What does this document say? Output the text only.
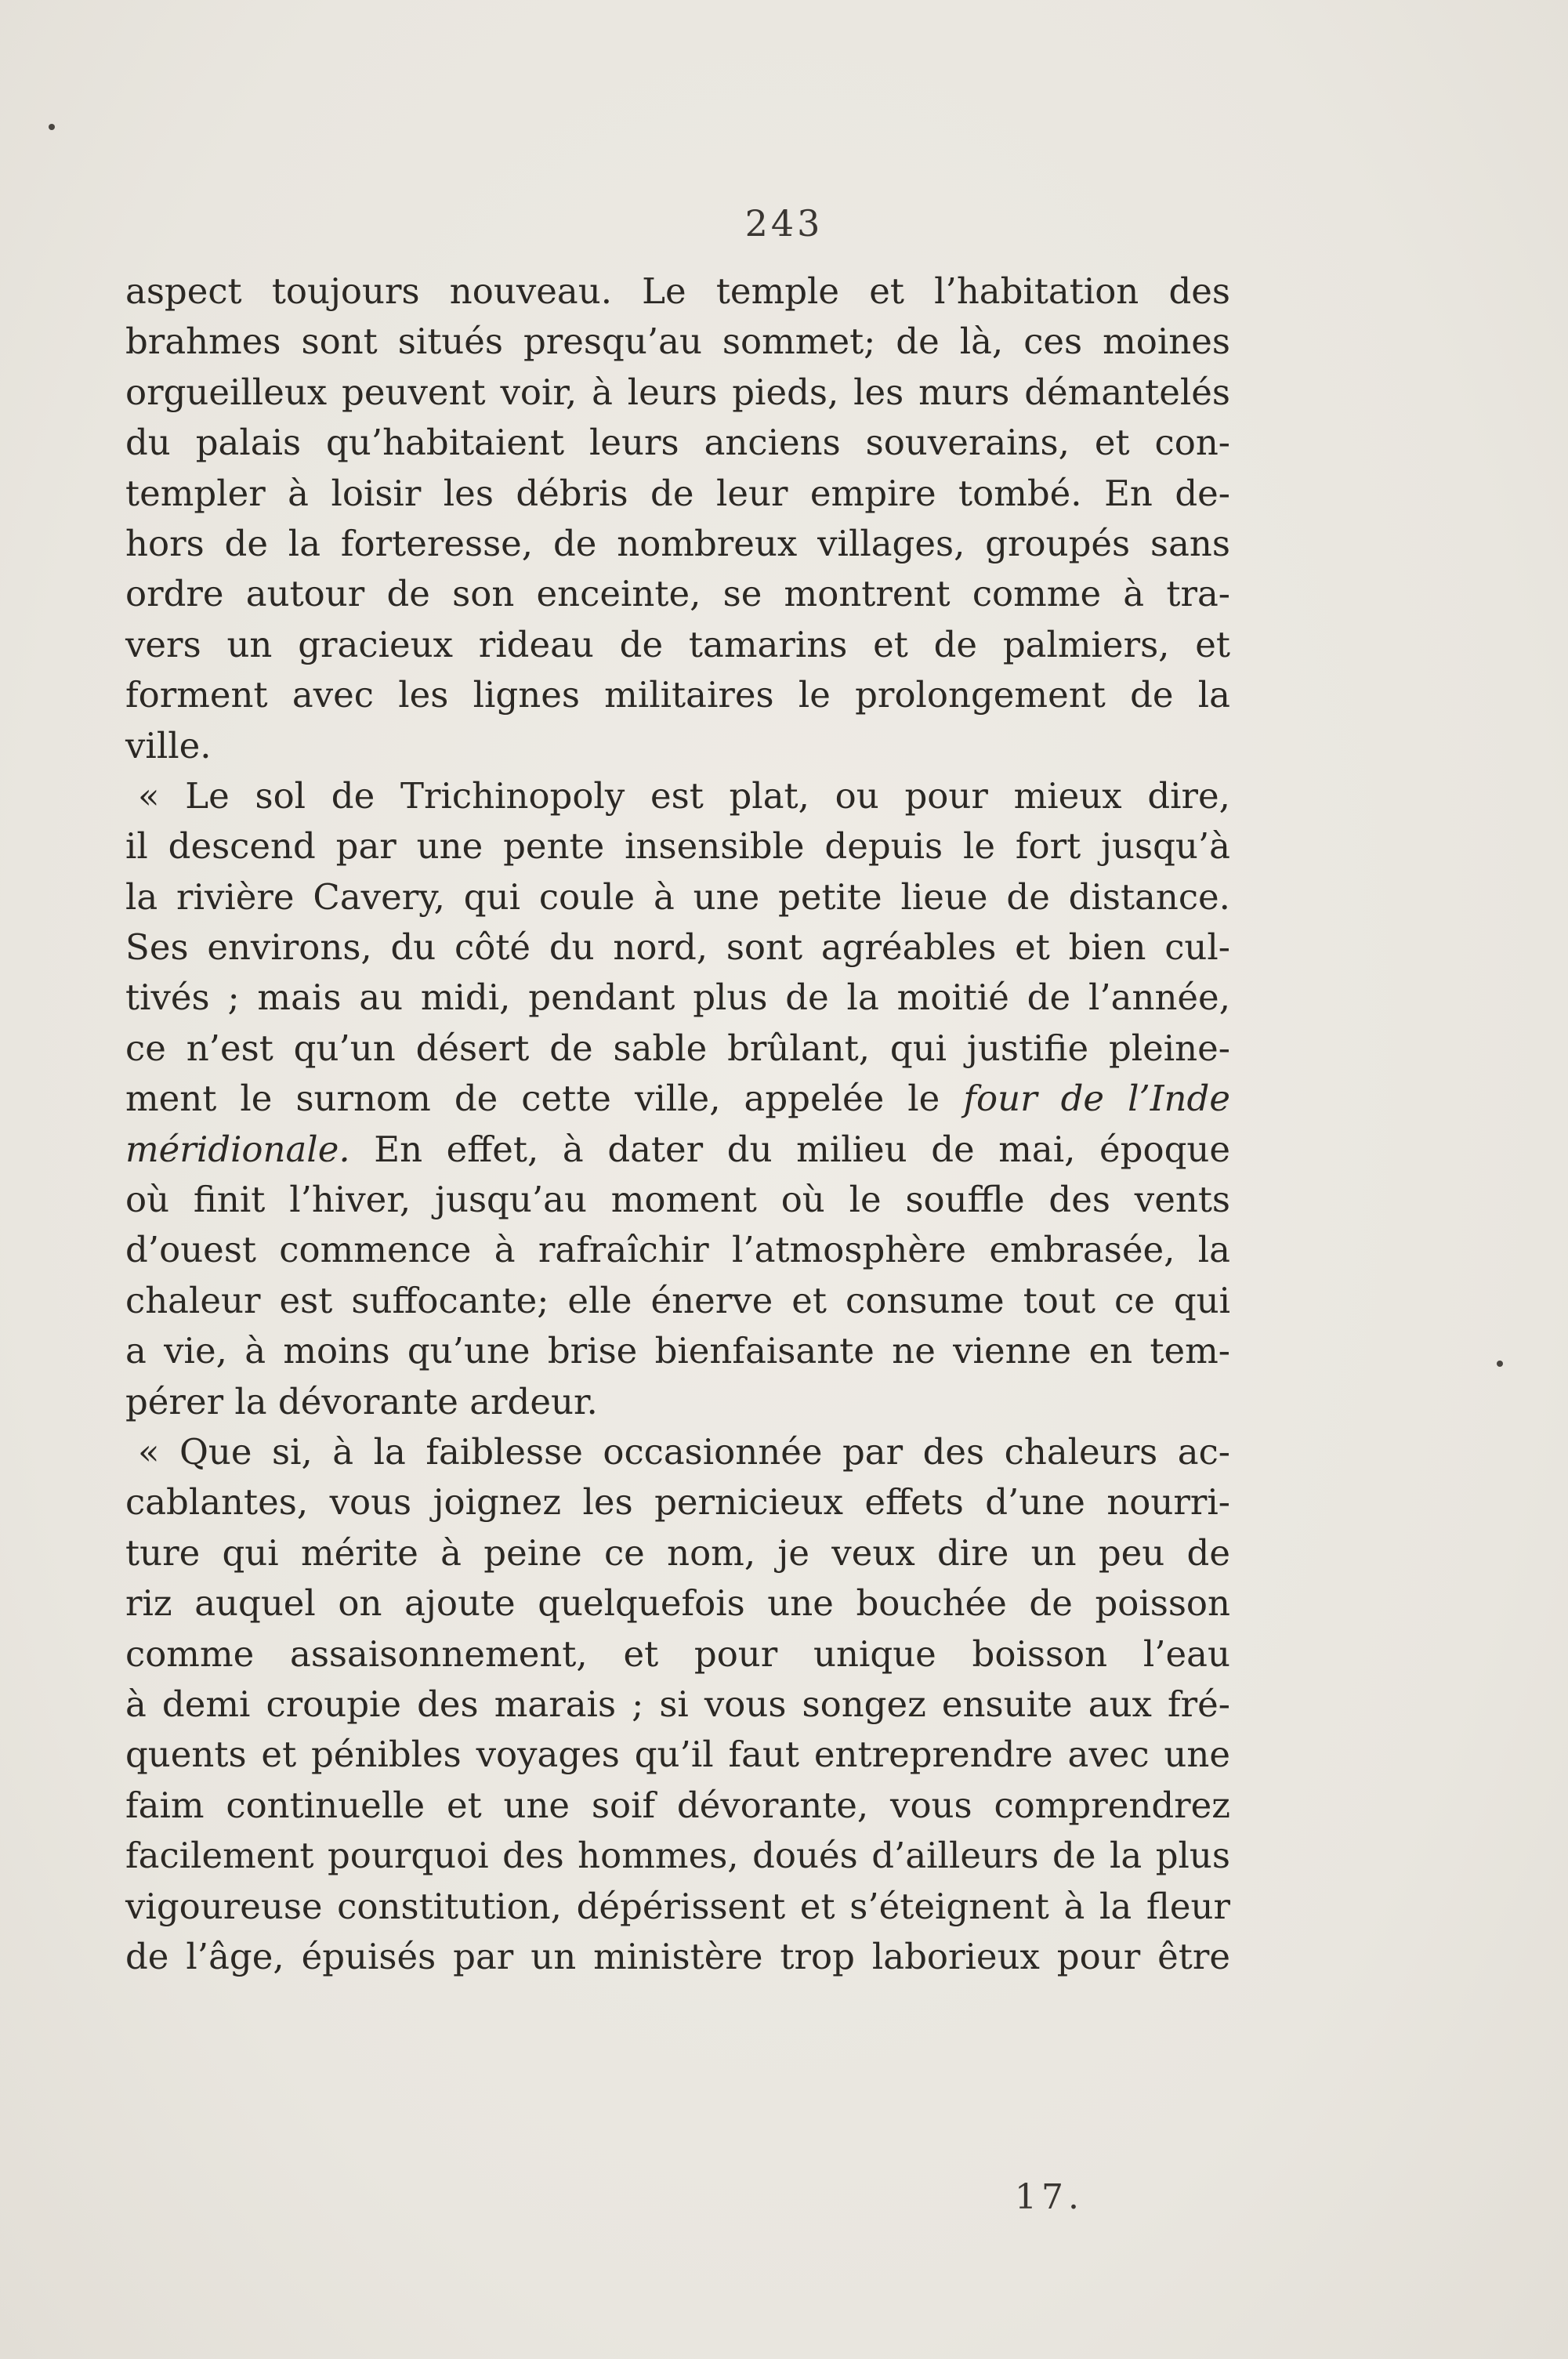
243
aspect toujours nouveau. Le temple et l’habitation des
brahmes sont situés presqu’au sommet; de là, ces moines
orgueilleux peuvent voir, à leurs pieds, les murs démantelés
du palais qu’habitaient leurs anciens souverains, et con-
templer à loisir les débris de leur empire tombé. En de-
hors de la forteresse, de nombreux villages, groupés sans
ordre autour de son enceinte, se montrent comme à tra-
vers un gracieux rideau de tamarins et de palmiers, et
forment avec les lignes militaires le prolongement de la
ville.
« Le sol de Trichinopoly est plat, ou pour mieux dire,
il descend par une pente insensible depuis le fort jusqu’à
la rivière Cavery, qui coule à une petite lieue de distance.
Ses environs, du côté du nord, sont agréables et bien cul-
tivés ; mais au midi, pendant plus de la moitié de l’année,
ce n’est qu’un désert de sable brûlant, qui justifie pleine-
ment le surnom de cette ville, appelée le four de l’Inde
méridionale. En effet, à dater du milieu de mai, époque
où finit l’hiver, jusqu’au moment où le souffle des vents
d’ouest commence à rafraîchir l’atmosphère embrasée, la
chaleur est suffocante; elle énerve et consume tout ce qui
a vie, à moins qu’une brise bienfaisante ne vienne en tem-
pérer la dévorante ardeur.
« Que si, à la faiblesse occasionnée par des chaleurs ac-
cablantes, vous joignez les pernicieux effets d’une nourri-
ture qui mérite à peine ce nom, je veux dire un peu de
riz auquel on ajoute quelquefois une bouchée de poisson
comme assaisonnement, et pour unique boisson l’eau
à demi croupie des marais ; si vous songez ensuite aux fré-
quents et pénibles voyages qu’il faut entreprendre avec une
faim continuelle et une soif dévorante, vous comprendrez
facilement pourquoi des hommes, doués d’ailleurs de la plus
vigoureuse constitution, dépérissent et s’éteignent à la fleur
de l’âge, épuisés par un ministère trop laborieux pour être
17.
